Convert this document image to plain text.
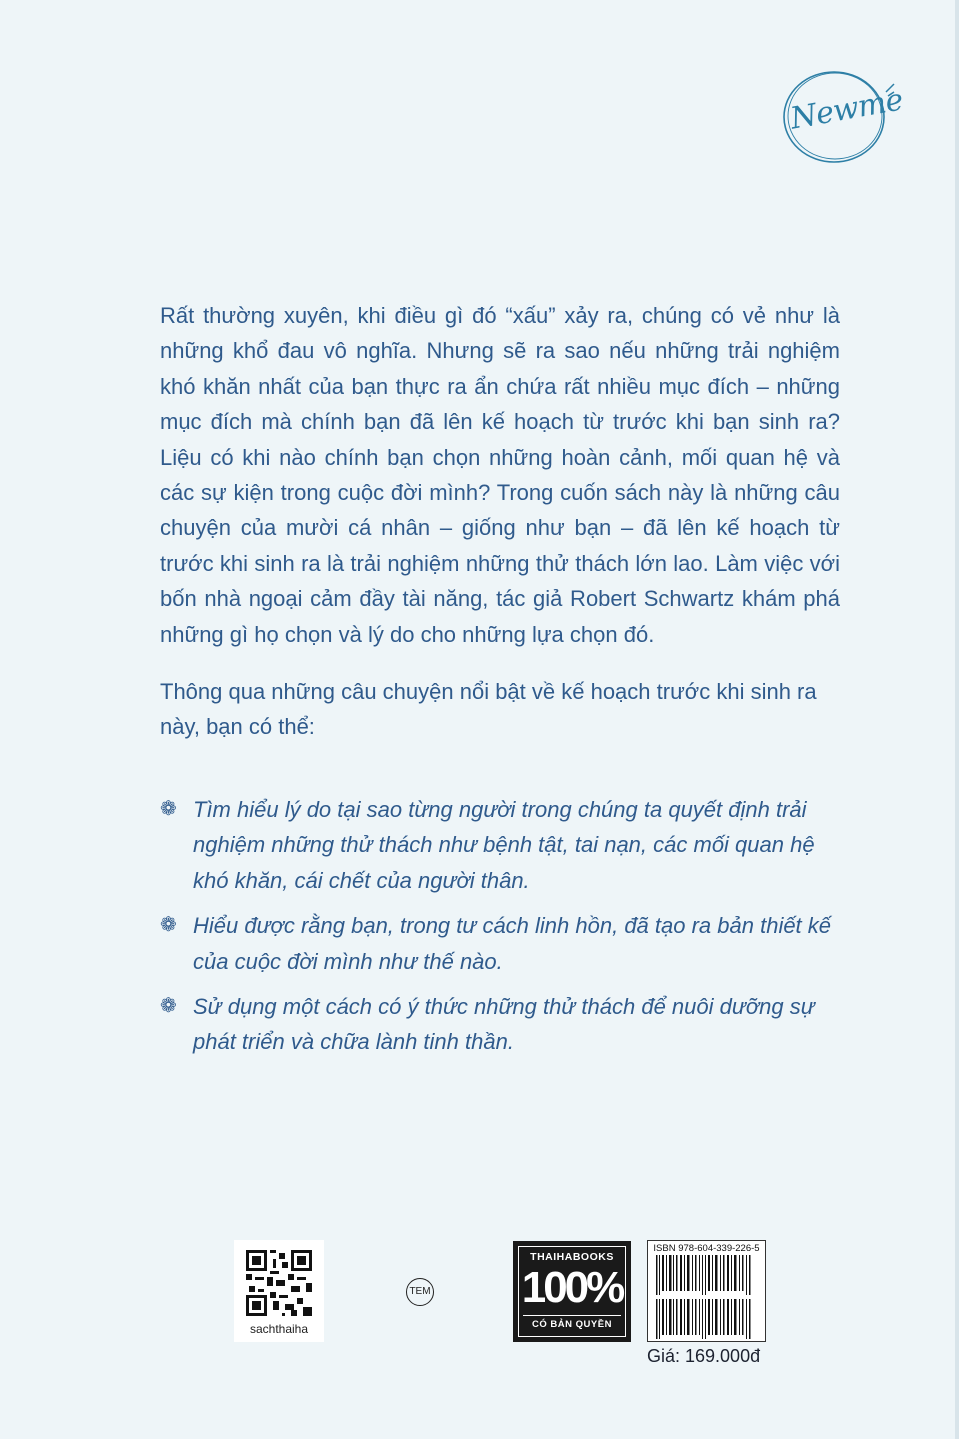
Newme

Rất thường xuyên, khi điều gì đó “xấu” xảy ra, chúng có vẻ như là những khổ đau vô nghĩa. Nhưng sẽ ra sao nếu những trải nghiệm khó khăn nhất của bạn thực ra ẩn chứa rất nhiều mục đích – những mục đích mà chính bạn đã lên kế hoạch từ trước khi bạn sinh ra? Liệu có khi nào chính bạn chọn những hoàn cảnh, mối quan hệ và các sự kiện trong cuộc đời mình? Trong cuốn sách này là những câu chuyện của mười cá nhân – giống như bạn – đã lên kế hoạch từ trước khi sinh ra là trải nghiệm những thử thách lớn lao. Làm việc với bốn nhà ngoại cảm đầy tài năng, tác giả Robert Schwartz khám phá những gì họ chọn và lý do cho những lựa chọn đó.

Thông qua những câu chuyện nổi bật về kế hoạch trước khi sinh ra này, bạn có thể:

❁ Tìm hiểu lý do tại sao từng người trong chúng ta quyết định trải nghiệm những thử thách như bệnh tật, tai nạn, các mối quan hệ khó khăn, cái chết của người thân.
❁ Hiểu được rằng bạn, trong tư cách linh hồn, đã tạo ra bản thiết kế của cuộc đời mình như thế nào.
❁ Sử dụng một cách có ý thức những thử thách để nuôi dưỡng sự phát triển và chữa lành tinh thần.
sachthaiha
TEM
THAIHABOOKS
100%
CÓ BẢN QUYỀN
ISBN 978-604-339-226-5
Giá: 169.000đ
